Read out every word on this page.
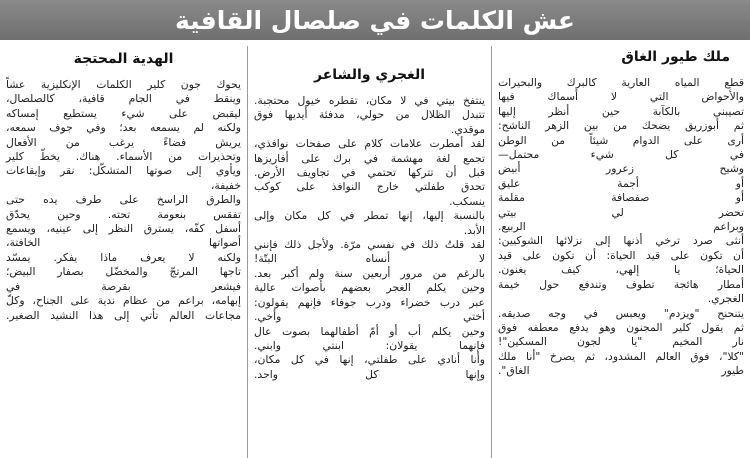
عش الكلمات في صلصال القافية
ملك طيور الغاق
قطع المياه العارية كالبرك والبحيرات
والأحواض التي لا أسماك فيها
تصيبني بالكآبة حين أنظر إليها
ثم أبوزريق يضحك من بين الزهر الناشح:
أرى على الدوام شيئاً من الوطن
في كل شيء محتمل—
وشيح زعرور أبيض
أو أجمة عليق
أو صفصافة مقلمة
تحضر لي بيتي
وبراعم الربيع.
أنثى صرد ترخي أذنها إلى نزلائها الشوكيين:
أن تكون على قيد الحياة: أن تكون على قيد
الحياة؛ يا إلهي، كيف يغنون.
أمطار هائجة تطوف وتندفع حول خيمة
الغجري.
يتنحنح "ويزدم" ويعبس في وجه صديقه.
ثم يقول كلير المجنون وهو يدفع معطفه فوق
نار المخيم "يا لجون المسكين"!
"كلا"، فوق العالم المشدود، ثم يصرخ "أنا ملك
طيور الغاق".
الغجري والشاعر
ينتفخ بيتي في لا مكان، تقطره خيول محتجبة.
تتبدل الظلال من حولي، مدفئة أيديها فوق
موقدي.
لقد أمطرت علامات كلام على صفحات نوافذي،
تجمع لغة مهشمة في برك على أفاريزها
قبل أن تتركها تحتمي في تجاويف الأرض.
تحدق طفلتي خارج النوافذ على كوكب
ينسكب.
بالنسبة إليها، إنها تمطر في كل مكان وإلى
الأبد.
لقد قلتُ ذلك في نفسي مرّة. ولأجل ذلك فإنني
لا أنساه البتّة!
بالرغم من مرور أربعين سنة ولم أكبر بعد.
وحين يكلم الغجر بعضهم بأصوات عالية
عبر درب خضراء ودرب جوفاء فإنهم يقولون:
أختي وأخي.
وحين يكلم أب أو أمّ أطفالهما بصوت عال
فإنهما يقولان: ابنتي وابني.
وأنا أنادي على طفلتي، إنها في كل مكان،
وإنها كل واحد.
الهدية المحتجة
يحوك جون كلير الكلمات الإنكليزية عشاً
وينقط في الجام قافية، كالصلصال،
ليقبض على شيء يستطيع إمساكه
ولكنه لم يسمعه بعد؛ وفي جوف سمعه،
يريش فضاءً يرغب من الأفعال
وتحذيرات من الأسماء. هناك. يخطّ كلير
ويأوي إلى صوتها المتشكّل: نقر وإيقاعات
خفيفة،
والطرق الراسخ على طرف يده حتى
تفقس بنعومة تحته. وحين يحدّق
أسفل كفّه، يسترق النظر إلى عينيه، ويسمع
أصواتها الخافتة،
ولكنه لا يعرف ماذا يفكر. يمسّد
تاجها المرتجّ والمخضّل بصفار البيض؛
فيشعر بقرصة في
إبهامه، براعم من عظام ندية على الجناح، وكلّ
مجاعات العالم تأتي إلى هذا النشيد الصغير.
